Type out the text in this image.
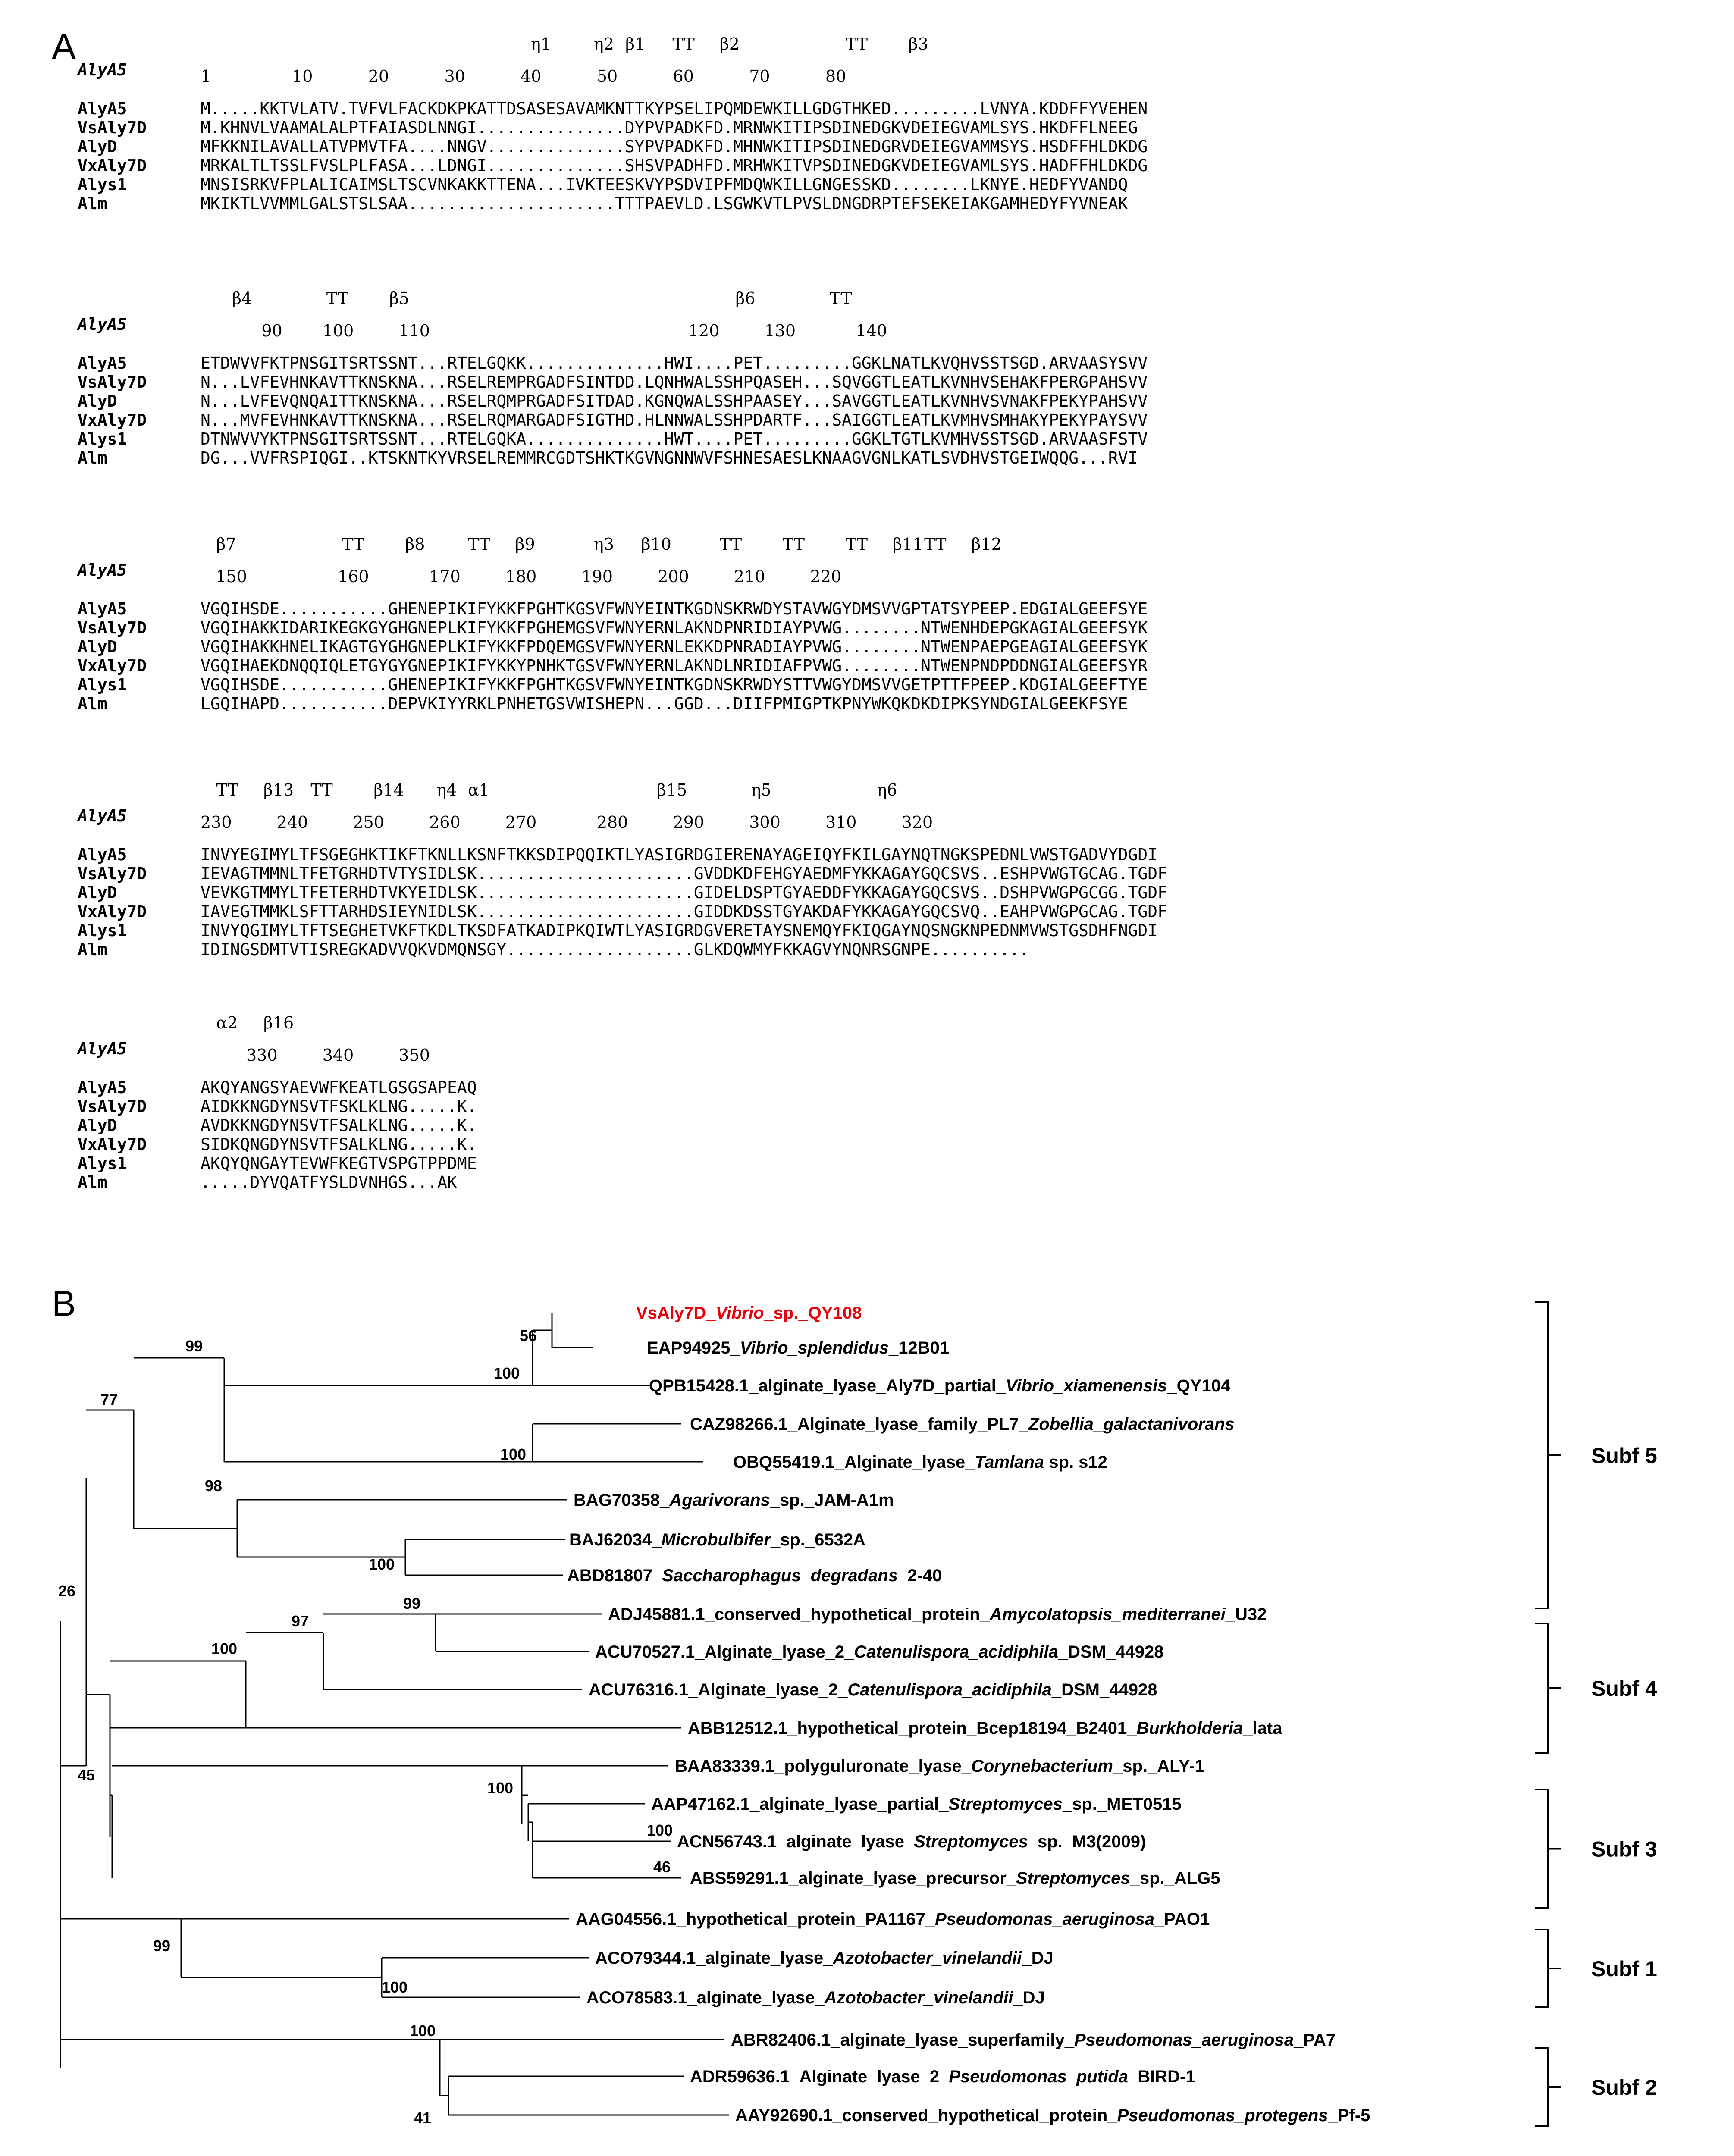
A
AlyA5
η1	η2 β1 TT β2	TT β3
1	10	20	30	40	50	60	70	80
AlyA5	M.....KKTVLATV.TVFVLFACKDKPKATTDSASESAVAMKNTTKYPSELIPQMDEWKILLGDGTHKED.........LVNYA.KDDFFYVEHEN
VsAly7D	M.KHNVLVAAMALALPTFAIASDLNNGI...............DYPVPADKFD.MRNWKITIPSDINEDGKVDEIEGVAMLSYS.HKDFFLNEEG
AlyD	MFKKNILAVALLATVPMVTFA....NNGV..............SYPVPADKFD.MHNWKITIPSDINEDGRVDEIEGVAMMSYS.HSDFFHLDKDG
VxAly7D	MRKALTLTSSLFVSLPLFASA...LDNGI..............SHSVPADHFD.MRHWKITVPSDINEDGKVDEIEGVAMLSYS.HADFFHLDKDG
Alys1	MNSISRKVFPLALICAIMSLTSCVNKAKKTTENA...IVKTEESKVYPSDVIPFMDQWKILLGNGESSKD........LKNYE.HEDFYVANDQ
Alm	MKIKTLVVMMLGALSTSLSAA.....................TTTPAEVLD.LSGWKVTLPVSLDNGDRPTEFSEKEIAKGAMHEDYFYVNEAK
AlyA5
β4	TT β5	β6	TT
90 100	110	120	130	140
AlyA5	ETDWVVFKTPNSGITSRTSSNT...RTELGQKK..............HWI....PET.........GGKLNATLKVQHVSSTSGD.ARVAASYSVV
VsAly7D	N...LVFEVHNKAVTTKNSKNA...RSELREMPRGADFSINTDD.LQNHWALSSHPQASEH...SQVGGTLEATLKVNHVSEHAKFPERGPAHSVV
AlyD	N...LVFEVQNQAITTKNSKNA...RSELRQMPRGADFSITDAD.KGNQWALSSHPAASEY...SAVGGTLEATLKVNHVSVNAKFPEKYPAHSVV
VxAly7D	N...MVFEVHNKAVTTKNSKNA...RSELRQMARGADFSIGTHD.HLNNWALSSHPDARTF...SAIGGTLEATLKVMHVSMHAKYPEKYPAYSVV
Alys1	DTNWVVYKTPNSGITSRTSSNT...RTELGQKA..............HWT....PET.........GGKLTGTLKVMHVSSTSGD.ARVAASFSTV
Alm	DG...VVFRSPIQGI..KTSKNTKYVRSELREMMRCGDTSHKTKGVNGNNWVFSHNESAESLKNAAGVGNLKATLSVDHVSTGEIWQQG...RVI
AlyA5
β7	TT β8	TT β9	η3 β10	TT TT TT β11 TT β12
150	160	170	180	190	200	210	220
AlyA5	VGQIHSDE...........GHENEPIKIFYKKFPGHTKGSVFWNYEINTKGDNSKRWDYSTAVWGYDMSVVGPTATSYPEEP.EDGIALGEEFSYE
VsAly7D	VGQIHAKKIDARIKEGKGYGHGNEPLKIFYKKFPGHEMGSVFWNYERNLAKNDPNRIDIAYPVWG........NTWENHDEPGKAGIALGEEFSYK
AlyD	VGQIHAKKHNELIKAGTGYGHGNEPLKIFYKKFPDQEMGSVFWNYERNLEKKDPNRADIAYPVWG........NTWENPAEPGEAGIALGEEFSYK
VxAly7D	VGQIHAEKDNQQIQLETGYGYGNEPIKIFYKKYPNHKTGSVFWNYERNLAKNDLNRIDIAFPVWG........NTWENPNDPDDNGIALGEEFSYR
Alys1	VGQIHSDE...........GHENEPIKIFYKKFPGHTKGSVFWNYEINTKGDNSKRWDYSTTVWGYDMSVVGETPTTFPEEP.KDGIALGEEFTYE
Alm	LGQIHAPD...........DEPVKIYYRKLPNHETGSVWISHEPN...GGD...DIIFPMIGPTKPNYWKQKDKDIPKSYNDGIALGEEKFSYE
AlyA5
TT β13 TT β14 η4 α1	β15	η5	η6
230	240	250	260	270	280	290	300	310	320
AlyA5	INVYEGIMYLTFSGEGHKTIKFTKNLLKSNFTKKSDIPQQIKTLYASIGRDGIERENAYAGEIQYFKILGAYNQTNGKSPEDNLVWSTGADVYDGDI
VsAly7D	IEVAGTMMNLTFETGRHDTVTYSIDLSK......................GVDDKDFEHGYAEDMFYKKAGAYGQCSVS..ESHPVWGTGCAG.TGDF
AlyD	VEVKGTMMYLTFETERHDTVKYEIDLSK......................GIDELDSPTGYAEDDFYKKAGAYGQCSVS..DSHPVWGPGCGG.TGDF
VxAly7D	IAVEGTMMKLSFTTARHDSIEYNIDLSK......................GIDDKDSSTGYAKDAFYKKAGAYGQCSVQ..EAHPVWGPGCAG.TGDF
Alys1	INVYQGIMYLTFTSEGHETVKFTKDLTKSDFATKADIPKQIWTLYASIGRDGVERETAYSNEMQYFKIQGAYNQSNGKNPEDNMVWSTGSDHFNGDI
Alm	IDINGSDMTVTISREGKADVVQKVDMQNSGY...................GLKDQWMYFKKAGVYNQNRSGNPE..........
AlyA5
α2 β16
330	340	350
AlyA5	AKQYANGSYAEVWFKEATLGSGSAPEAQ
VsAly7D	AIDKKNGDYNSVTFSKLKLNG.....K.
AlyD	AVDKKNGDYNSVTFSALKLNG.....K.
VxAly7D	SIDKQNGDYNSVTFSALKLNG.....K.
Alys1	AKQYQNGAYTEVWFKEGTVSPGTPPDME
Alm	.....DYVQATFYSLDVNHGS...AK
B	VsAly7D_Vibrio_sp._QY108
EAP94925_Vibrio_splendidus_12B01
QPB15428.1_alginate_lyase_Aly7D_partial_Vibrio_xiamenensis_QY104
CAZ98266.1_Alginate_lyase_family_PL7_Zobellia_galactanivorans
OBQ55419.1_Alginate_lyase_Tamlana sp. s12
BAG70358_Agarivorans_sp._JAM-A1m
BAJ62034_Microbulbifer_sp._6532A
ABD81807_Saccharophagus_degradans_2-40
ADJ45881.1_conserved_hypothetical_protein_Amycolatopsis_mediterranei_U32
ACU70527.1_Alginate_lyase_2_Catenulispora_acidiphila_DSM_44928
ACU76316.1_Alginate_lyase_2_Catenulispora_acidiphila_DSM_44928
ABB12512.1_hypothetical_protein_Bcep18194_B2401_Burkholderia_lata
BAA83339.1_polyguluronate_lyase_Corynebacterium_sp._ALY-1
AAP47162.1_alginate_lyase_partial_Streptomyces_sp._MET0515
ACN56743.1_alginate_lyase_Streptomyces_sp._M3(2009)
ABS59291.1_alginate_lyase_precursor_Streptomyces_sp._ALG5
AAG04556.1_hypothetical_protein_PA1167_Pseudomonas_aeruginosa_PAO1
ACO79344.1_alginate_lyase_Azotobacter_vinelandii_DJ
ACO78583.1_alginate_lyase_Azotobacter_vinelandii_DJ
ABR82406.1_alginate_lyase_superfamily_Pseudomonas_aeruginosa_PA7
ADR59636.1_Alginate_lyase_2_Pseudomonas_putida_BIRD-1
AAY92690.1_conserved_hypothetical_protein_Pseudomonas_protegens_Pf-5
56
100
99
100
77
98
100
26
99
97
100
45
100
100
46
99
100
100
41
Subf 5
Subf 4
Subf 3
Subf 1
Subf 2
